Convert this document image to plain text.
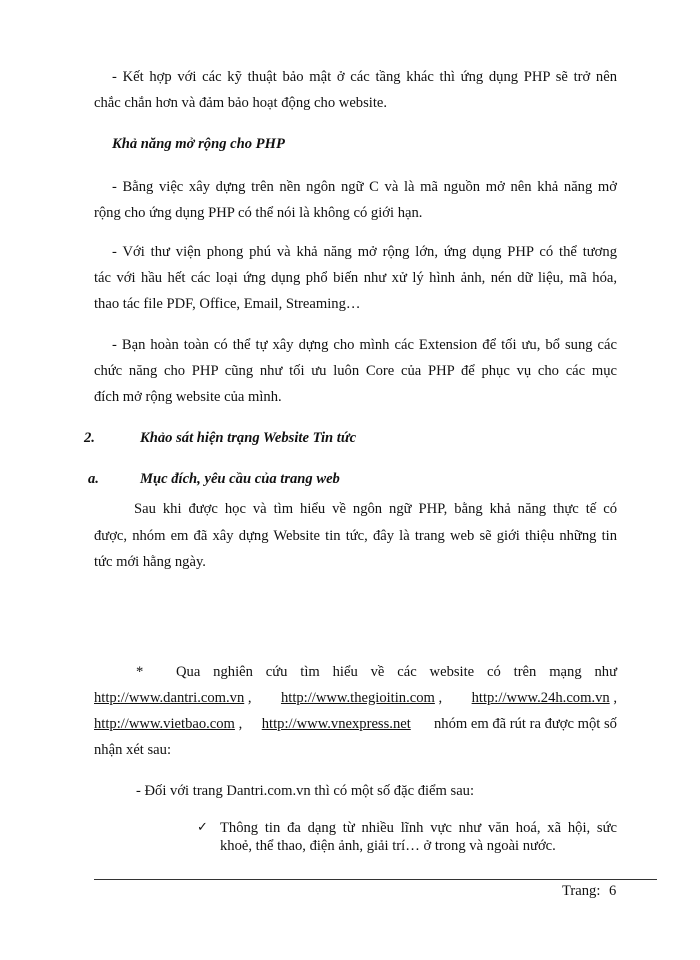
- Kết hợp với các kỹ thuật bảo mật ở các tầng khác thì ứng dụng PHP sẽ trở nên
chắc chắn hơn và đảm bảo hoạt động cho website.
Khả năng mở rộng cho PHP
- Bằng việc xây dựng trên nền ngôn ngữ C và là mã nguồn mở nên khả năng mở
rộng cho ứng dụng PHP có thể nói là không có giới hạn.
- Với thư viện phong phú và khả năng mở rộng lớn, ứng dụng PHP có thể tương
tác với hầu hết các loại ứng dụng phổ biến như xử lý hình ảnh, nén dữ liệu, mã hóa,
thao tác file PDF, Office, Email, Streaming…
- Bạn hoàn toàn có thể tự xây dựng cho mình các Extension để tối ưu, bổ sung các
chức năng cho PHP cũng như tối ưu luôn Core của PHP để phục vụ cho các mục
đích mở rộng website của mình.
2.	Khảo sát hiện trạng Website Tin tức
a.	Mục đích, yêu cầu của trang web
Sau khi được học và tìm hiểu về ngôn ngữ PHP, bằng khả năng thực tế có
được, nhóm em đã xây dựng Website tin tức, đây là trang web sẽ giới thiệu những tin
tức mới hằng ngày.
* Qua nghiên cứu tìm hiểu về các website có trên mạng như
http://www.dantri.com.vn , http://www.thegioitin.com , http://www.24h.com.vn ,
http://www.vietbao.com , http://www.vnexpress.net nhóm em đã rút ra được một số
nhận xét sau:
- Đối với trang Dantri.com.vn thì có một số đặc điểm sau:
✓ Thông tin đa dạng từ nhiều lĩnh vực như văn hoá, xã hội, sức
khoẻ, thể thao, điện ảnh, giải trí… ở trong và ngoài nước.
Trang: 6
